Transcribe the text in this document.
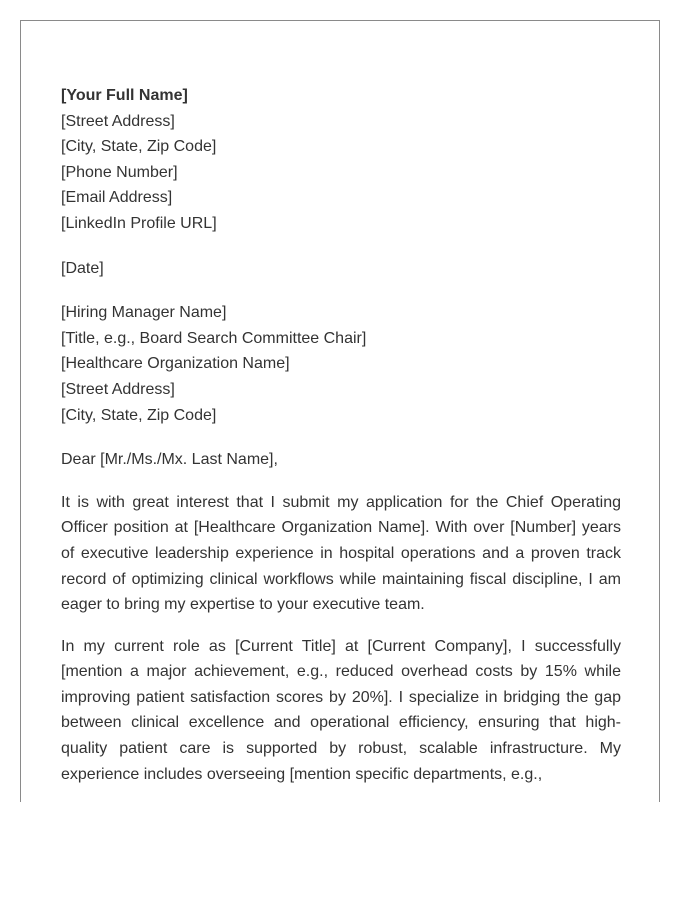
[Your Full Name]
[Street Address]
[City, State, Zip Code]
[Phone Number]
[Email Address]
[LinkedIn Profile URL]
[Date]
[Hiring Manager Name]
[Title, e.g., Board Search Committee Chair]
[Healthcare Organization Name]
[Street Address]
[City, State, Zip Code]

Dear [Mr./Ms./Mx. Last Name],

It is with great interest that I submit my application for the Chief Operating Officer position at [Healthcare Organization Name]. With over [Number] years of executive leadership experience in hospital operations and a proven track record of optimizing clinical workflows while maintaining fiscal discipline, I am eager to bring my expertise to your executive team.

In my current role as [Current Title] at [Current Company], I successfully [mention a major achievement, e.g., reduced overhead costs by 15% while improving patient satisfaction scores by 20%]. I specialize in bridging the gap between clinical excellence and operational efficiency, ensuring that high-quality patient care is supported by robust, scalable infrastructure. My experience includes overseeing [mention specific departments, e.g.,
